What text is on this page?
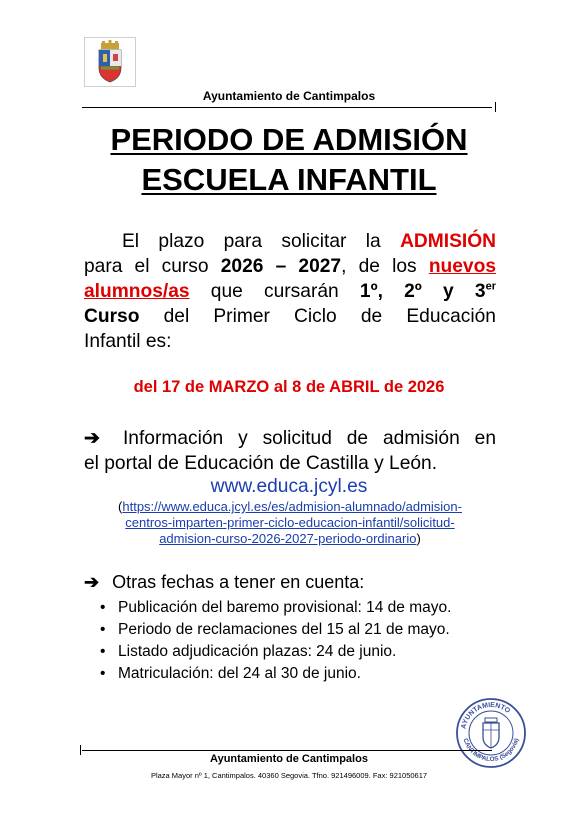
Ayuntamiento de Cantimpalos
PERIODO DE ADMISIÓN
ESCUELA INFANTIL
El plazo para solicitar la ADMISIÓN
para el curso 2026 – 2027, de los nuevos
alumnos/as que cursarán 1º, 2º y 3er
Curso del Primer Ciclo de Educación
Infantil es:
del 17 de MARZO al 8 de ABRIL de 2026
➔ Información y solicitud de admisión en
el portal de Educación de Castilla y León.
www.educa.jcyl.es
(https://www.educa.jcyl.es/es/admision-alumnado/admision-
centros-imparten-primer-ciclo-educacion-infantil/solicitud-
admision-curso-2026-2027-periodo-ordinario)
➔ Otras fechas a tener en cuenta:
• Publicación del baremo provisional: 14 de mayo.
• Periodo de reclamaciones del 15 al 21 de mayo.
• Listado adjudicación plazas: 24 de junio.
• Matriculación: del 24 al 30 de junio.
AYUNTAMIENTO
CANTIMPALOS (Segovia)
Ayuntamiento de Cantimpalos
Plaza Mayor nº 1, Cantimpalos. 40360 Segovia. Tfno. 921496009. Fax: 921050617
